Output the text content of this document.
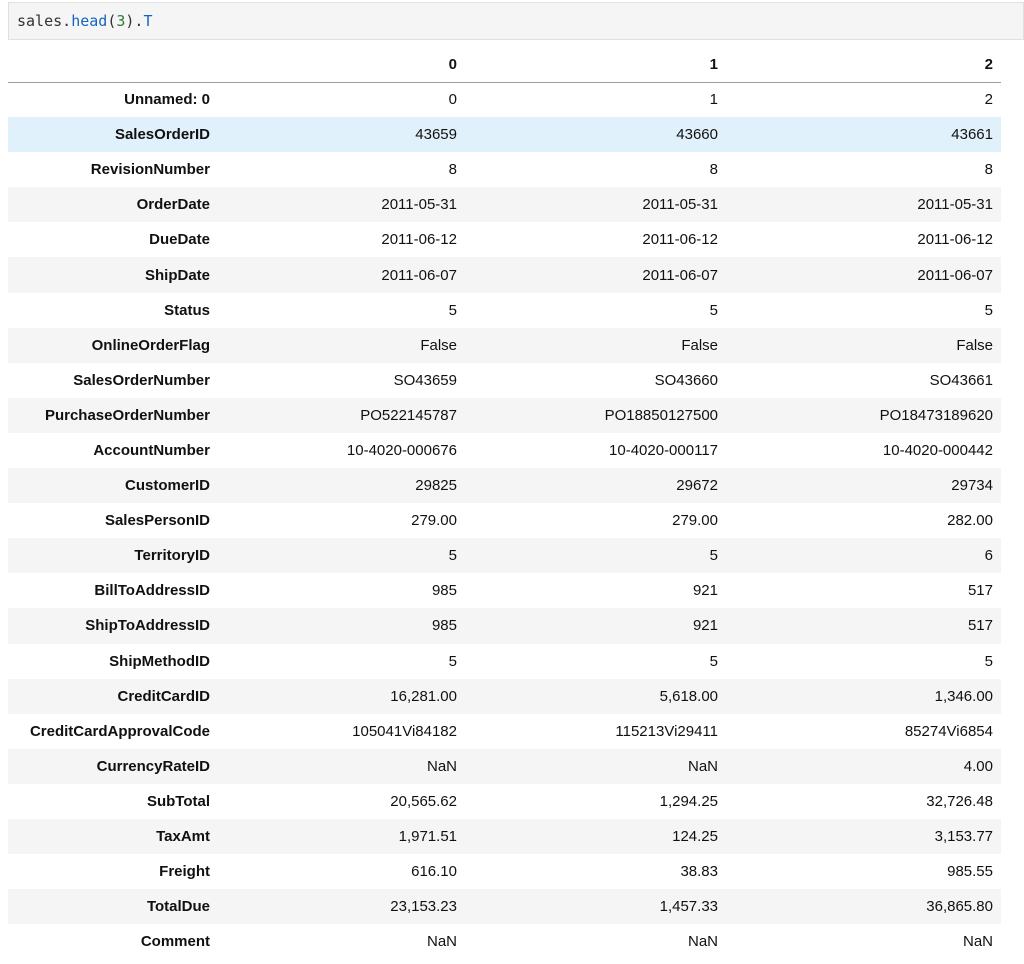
sales . head ( 3 ) . T
	0	1	2
Unnamed: 0	0	1	2
SalesOrderID	43659	43660	43661
RevisionNumber	8	8	8
OrderDate	2011-05-31	2011-05-31	2011-05-31
DueDate	2011-06-12	2011-06-12	2011-06-12
ShipDate	2011-06-07	2011-06-07	2011-06-07
Status	5	5	5
OnlineOrderFlag	False	False	False
SalesOrderNumber	SO43659	SO43660	SO43661
PurchaseOrderNumber	PO522145787	PO18850127500	PO18473189620
AccountNumber	10-4020-000676	10-4020-000117	10-4020-000442
CustomerID	29825	29672	29734
SalesPersonID	279.00	279.00	282.00
TerritoryID	5	5	6
BillToAddressID	985	921	517
ShipToAddressID	985	921	517
ShipMethodID	5	5	5
CreditCardID	16,281.00	5,618.00	1,346.00
CreditCardApprovalCode	105041Vi84182	115213Vi29411	85274Vi6854
CurrencyRateID	NaN	NaN	4.00
SubTotal	20,565.62	1,294.25	32,726.48
TaxAmt	1,971.51	124.25	3,153.77
Freight	616.10	38.83	985.55
TotalDue	23,153.23	1,457.33	36,865.80
Comment	NaN	NaN	NaN
